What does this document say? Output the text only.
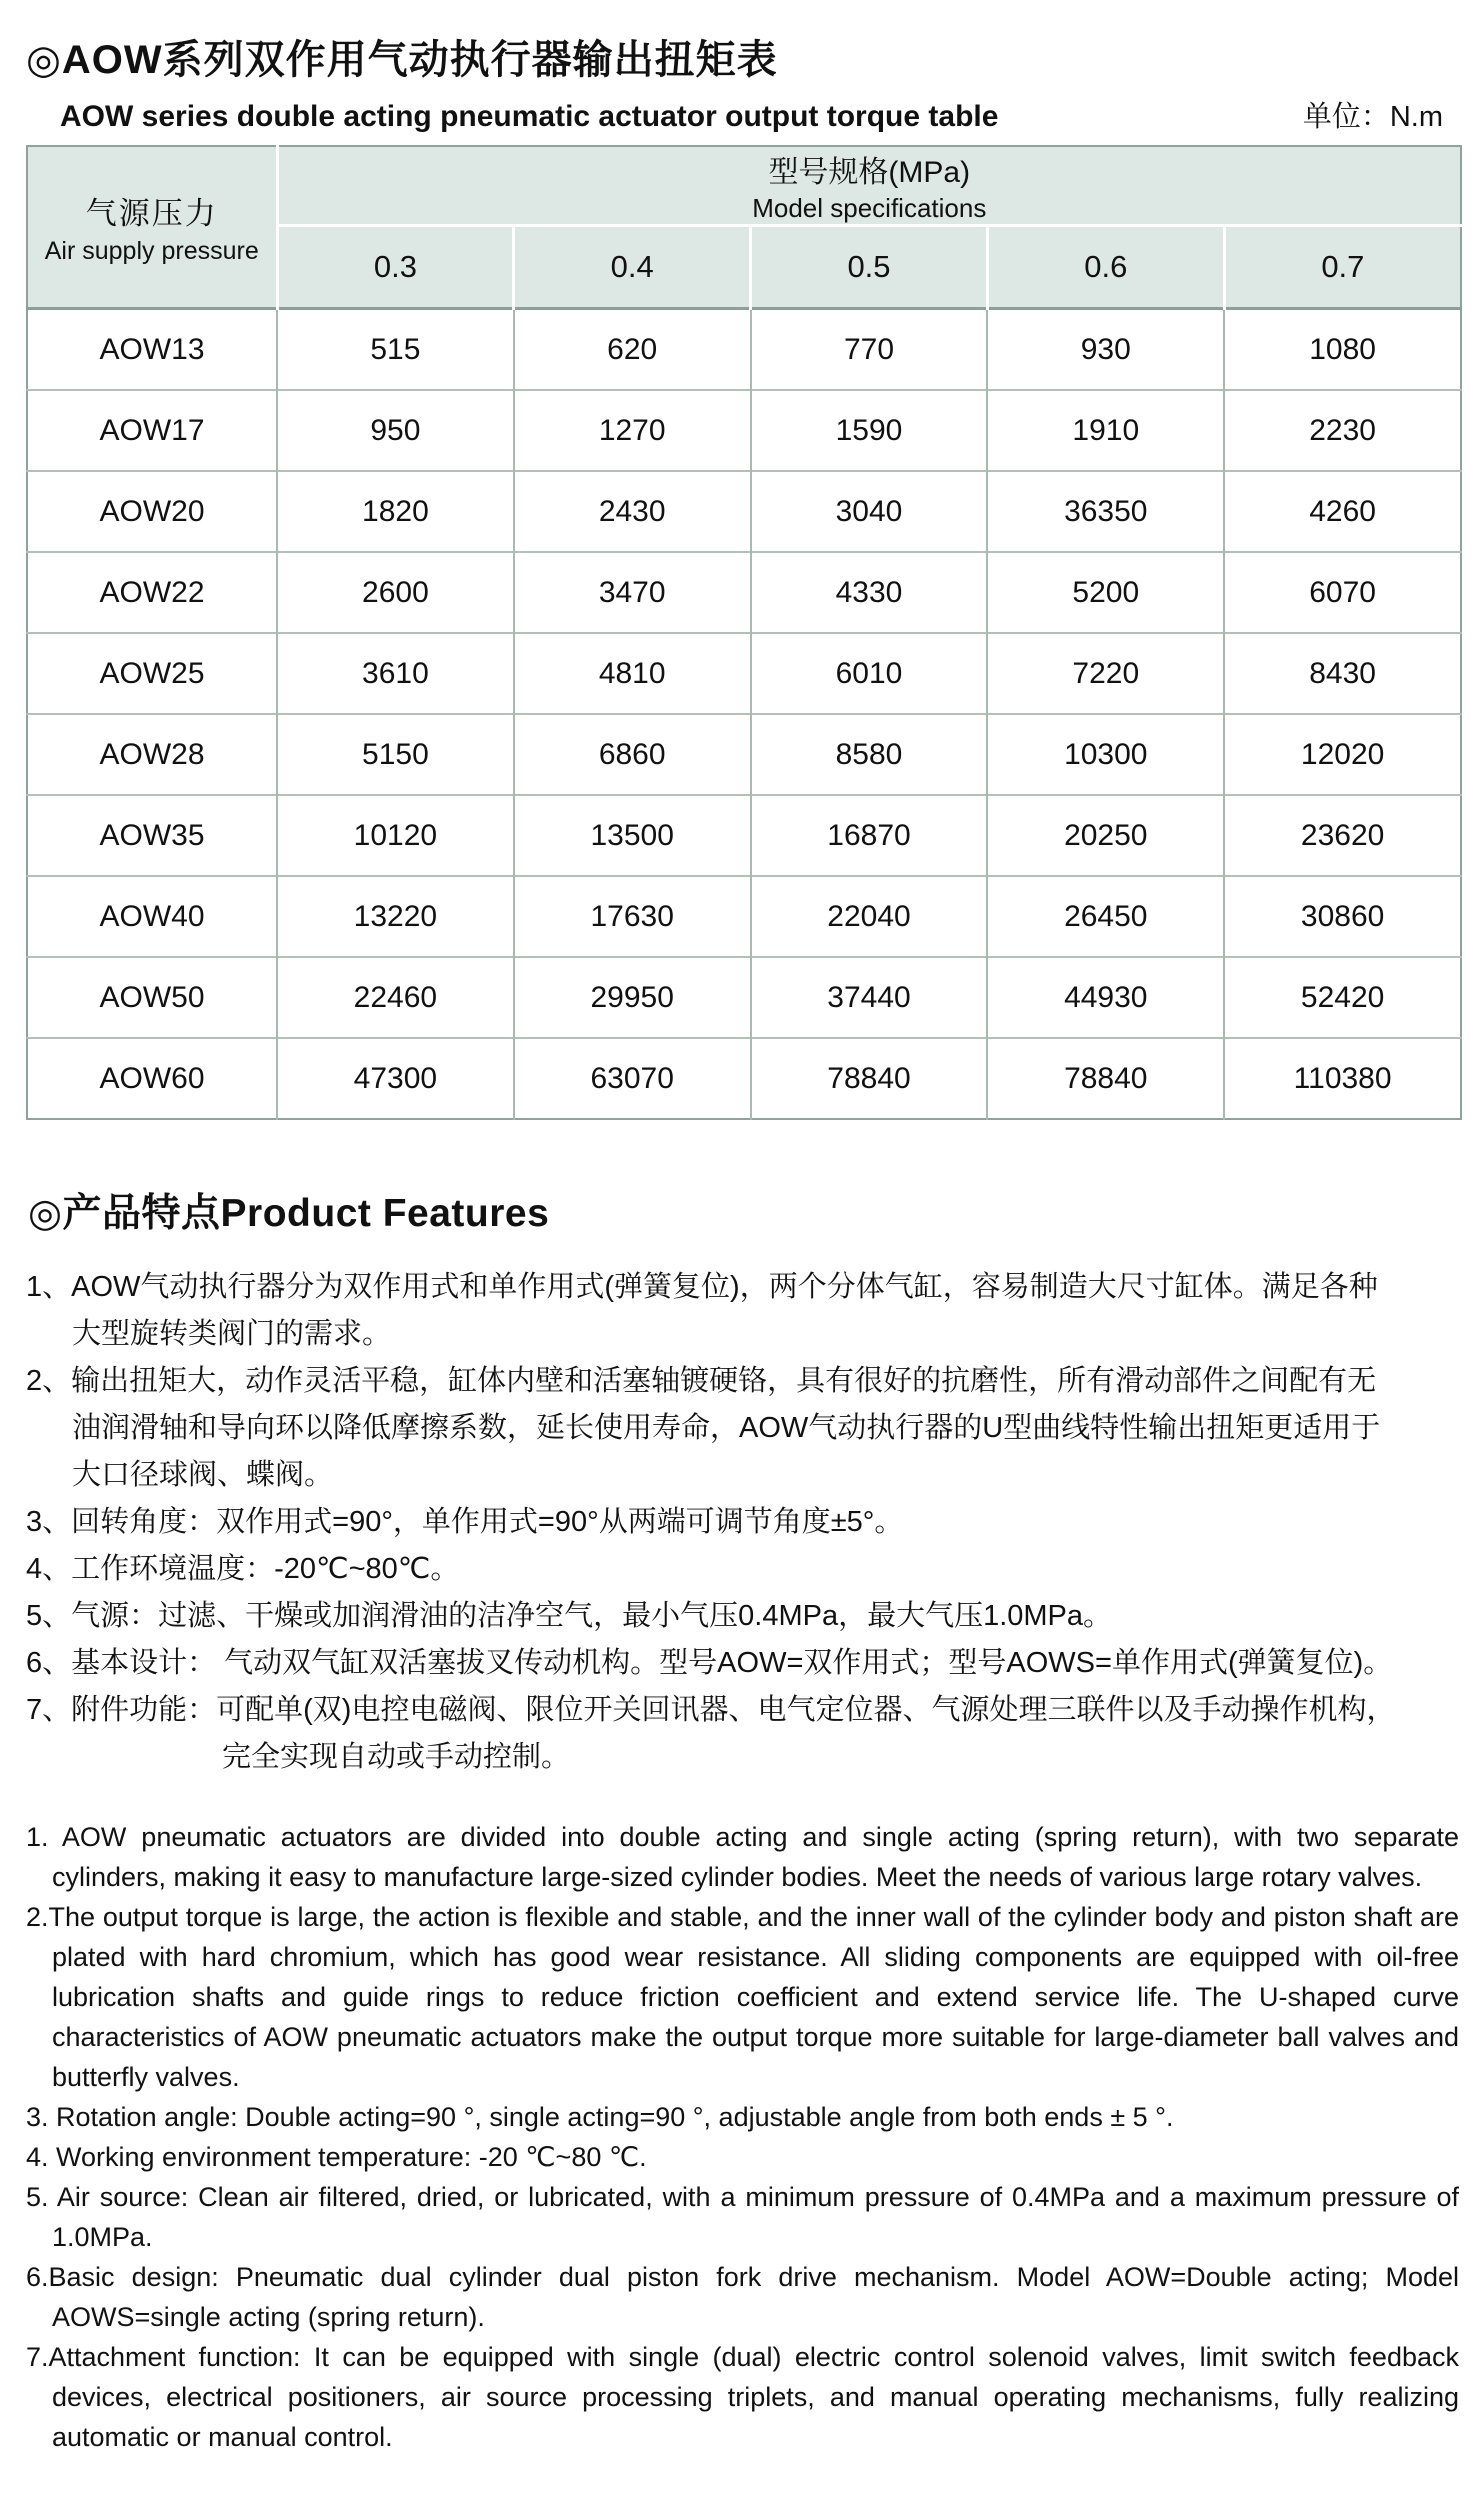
◎AOW系列双作用气动执行器输出扭矩表
AOW series double acting pneumatic actuator output torque table	单位：N.m
气源压力
Air supply pressure

型号规格(MPa)
Model specifications

	0.3	0.4	0.5	0.6	0.7
AOW13	515	620	770	930	1080
AOW17	950	1270	1590	1910	2230
AOW20	1820	2430	3040	36350	4260
AOW22	2600	3470	4330	5200	6070
AOW25	3610	4810	6010	7220	8430
AOW28	5150	6860	8580	10300	12020
AOW35	10120	13500	16870	20250	23620
AOW40	13220	17630	22040	26450	30860
AOW50	22460	29950	37440	44930	52420
AOW60	47300	63070	78840	78840	110380
◎产品特点Product Features
1、AOW气动执行器分为双作用式和单作用式(弹簧复位)，两个分体气缸，容易制造大尺寸缸体。满足各种
大型旋转类阀门的需求。
2、输出扭矩大，动作灵活平稳，缸体内壁和活塞轴镀硬铬，具有很好的抗磨性，所有滑动部件之间配有无
油润滑轴和导向环以降低摩擦系数，延长使用寿命，AOW气动执行器的U型曲线特性输出扭矩更适用于
大口径球阀、蝶阀。
3、回转角度：双作用式=90°，单作用式=90°从两端可调节角度±5°。
4、工作环境温度：-20℃~80℃。
5、气源：过滤、干燥或加润滑油的洁净空气，最小气压0.4MPa，最大气压1.0MPa。
6、基本设计： 气动双气缸双活塞拔叉传动机构。型号AOW=双作用式；型号AOWS=单作用式(弹簧复位)。
7、附件功能：可配单(双)电控电磁阀、限位开关回讯器、电气定位器、气源处理三联件以及手动操作机构，
完全实现自动或手动控制。

1. AOW pneumatic actuators are divided into double acting and single acting (spring return), with two separate cylinders, making it easy to manufacture large-sized cylinder bodies. Meet the needs of various large rotary valves.

2.The output torque is large, the action is flexible and stable, and the inner wall of the cylinder body and piston shaft are plated with hard chromium, which has good wear resistance. All sliding components are equipped with oil-free lubrication shafts and guide rings to reduce friction coefficient and extend service life. The U-shaped curve characteristics of AOW pneumatic actuators make the output torque more suitable for large-diameter ball valves and butterfly valves.

3. Rotation angle: Double acting=90 °, single acting=90 °, adjustable angle from both ends ± 5 °.

4. Working environment temperature: -20 ℃~80 ℃.

5. Air source: Clean air filtered, dried, or lubricated, with a minimum pressure of 0.4MPa and a maximum pressure of 1.0MPa.

6.Basic design: Pneumatic dual cylinder dual piston fork drive mechanism. Model AOW=Double acting; Model AOWS=single acting (spring return).

7.Attachment function: It can be equipped with single (dual) electric control solenoid valves, limit switch feedback devices, electrical positioners, air source processing triplets, and manual operating mechanisms, fully realizing automatic or manual control.
